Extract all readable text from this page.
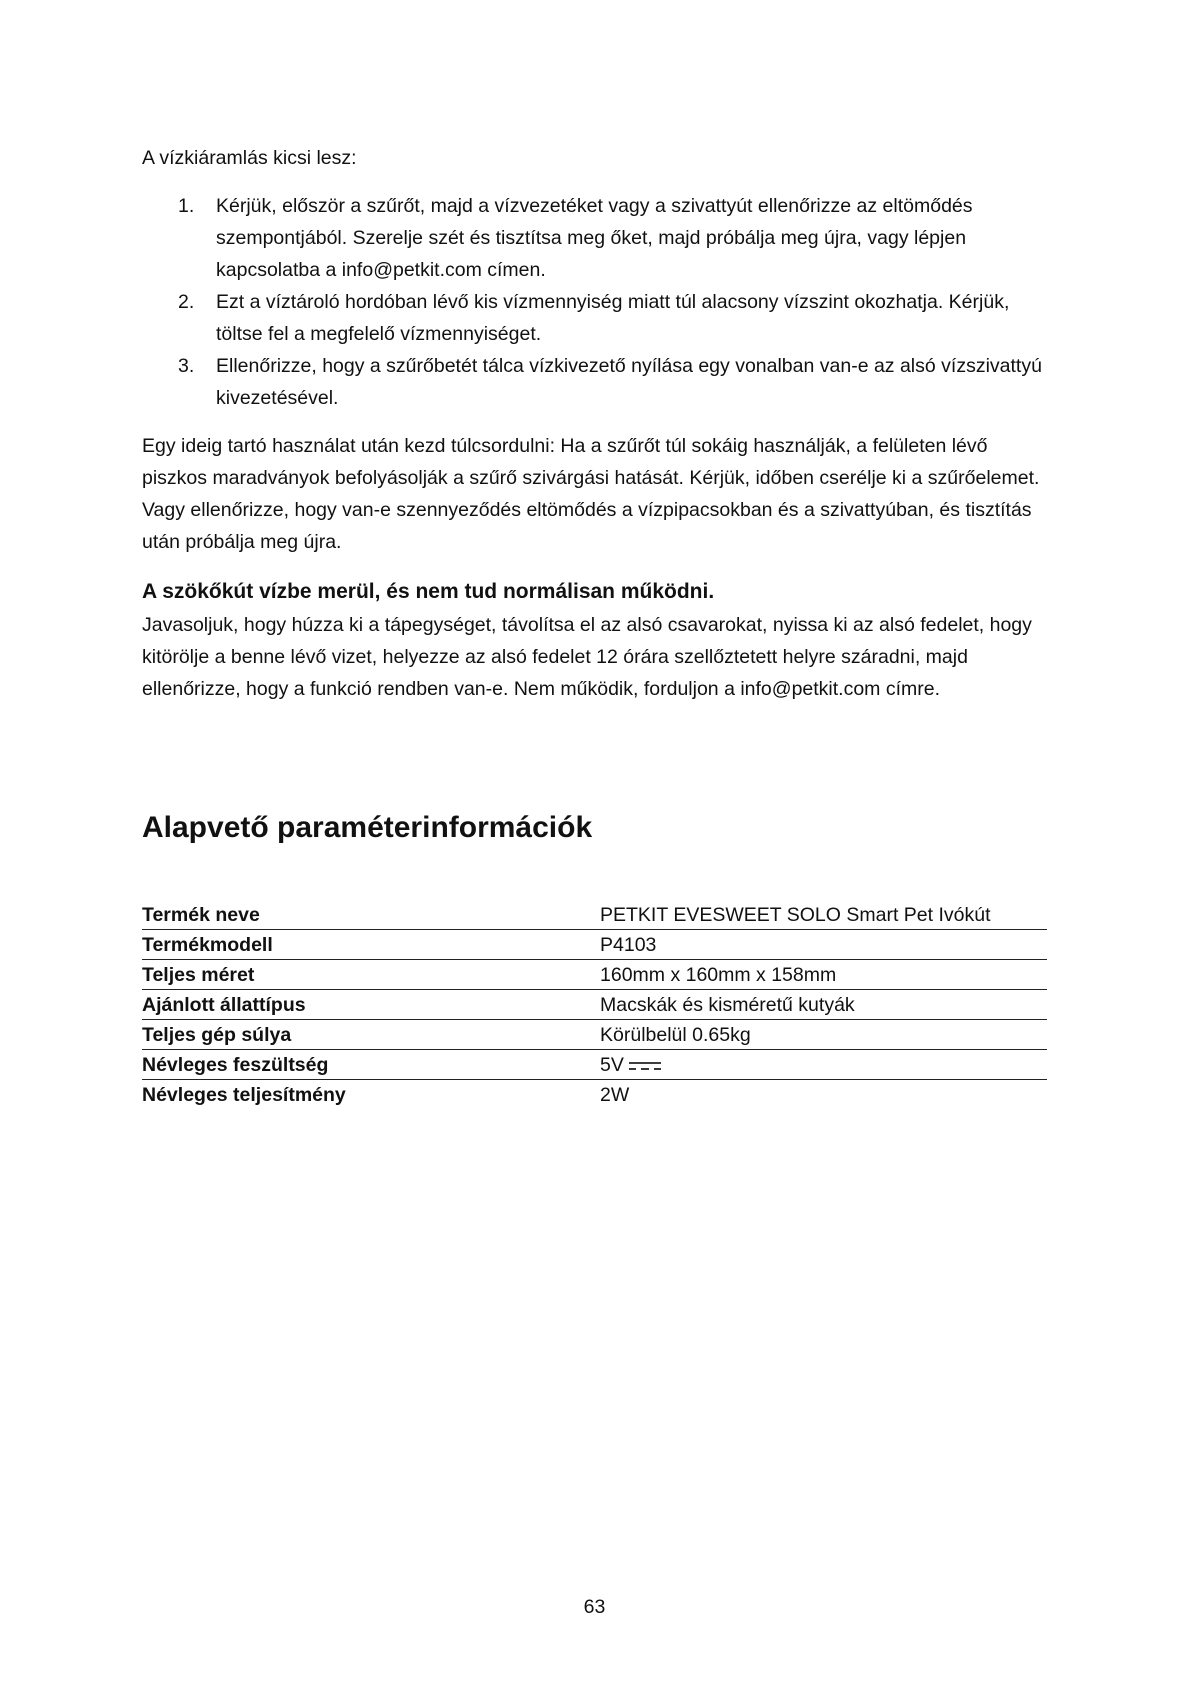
A vízkiáramlás kicsi lesz:

1. Kérjük, először a szűrőt, majd a vízvezetéket vagy a szivattyút ellenőrizze az eltömődés szempontjából. Szerelje szét és tisztítsa meg őket, majd próbálja meg újra, vagy lépjen kapcsolatba a info@petkit.com címen.
2. Ezt a víztároló hordóban lévő kis vízmennyiség miatt túl alacsony vízszint okozhatja. Kérjük, töltse fel a megfelelő vízmennyiséget.
3. Ellenőrizze, hogy a szűrőbetét tálca vízkivezető nyílása egy vonalban van-e az alsó vízszivattyú kivezetésével.

Egy ideig tartó használat után kezd túlcsordulni: Ha a szűrőt túl sokáig használják, a felületen lévő piszkos maradványok befolyásolják a szűrő szivárgási hatását. Kérjük, időben cserélje ki a szűrőelemet. Vagy ellenőrizze, hogy van-e szennyeződés eltömődés a vízpipacsokban és a szivattyúban, és tisztítás után próbálja meg újra.

A szökőkút vízbe merül, és nem tud normálisan működni.

Javasoljuk, hogy húzza ki a tápegységet, távolítsa el az alsó csavarokat, nyissa ki az alsó fedelet, hogy kitörölje a benne lévő vizet, helyezze az alsó fedelet 12 órára szellőztetett helyre száradni, majd ellenőrizze, hogy a funkció rendben van-e. Nem működik, forduljon a info@petkit.com címre.

Alapvető paraméterinformációk
Termék neve	PETKIT EVESWEET SOLO Smart Pet Ivókút
Termékmodell	P4103
Teljes méret	160mm x 160mm x 158mm
Ajánlott állattípus	Macskák és kisméretű kutyák
Teljes gép súlya	Körülbelül 0.65kg
Névleges feszültség	5V
Névleges teljesítmény	2W

63
